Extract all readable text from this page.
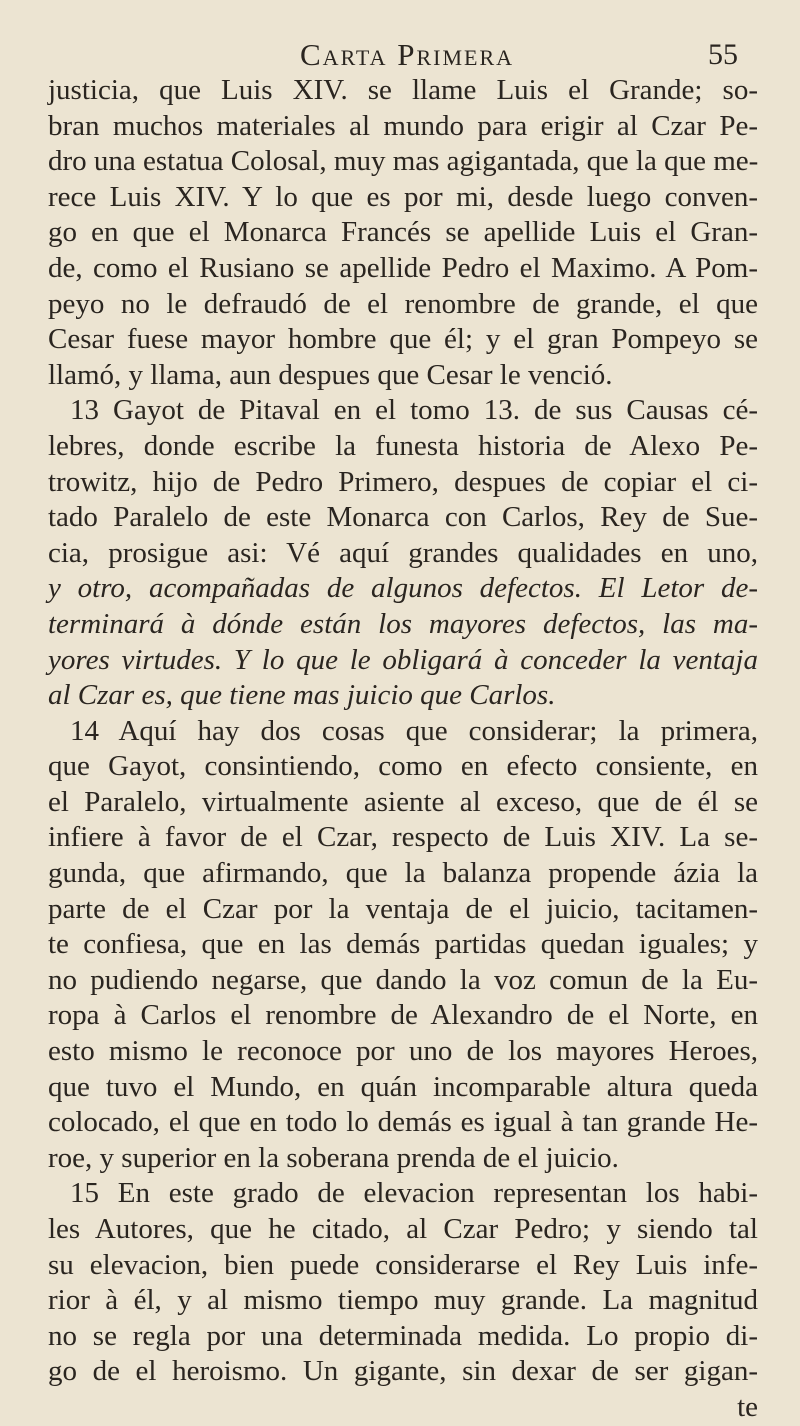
Carta Primera	55
justicia, que Luis XIV. se llame Luis el Grande; so-
bran muchos materiales al mundo para erigir al Czar Pe-
dro una estatua Colosal, muy mas agigantada, que la que me-
rece Luis XIV. Y lo que es por mi, desde luego conven-
go en que el Monarca Francés se apellide Luis el Gran-
de, como el Rusiano se apellide Pedro el Maximo. A Pom-
peyo no le defraudó de el renombre de grande, el que
Cesar fuese mayor hombre que él; y el gran Pompeyo se
llamó, y llama, aun despues que Cesar le venció.
13 Gayot de Pitaval en el tomo 13. de sus Causas cé-
lebres, donde escribe la funesta historia de Alexo Pe-
trowitz, hijo de Pedro Primero, despues de copiar el ci-
tado Paralelo de este Monarca con Carlos, Rey de Sue-
cia, prosigue asi: Vé aquí grandes qualidades en uno,
y otro, acompañadas de algunos defectos. El Letor de-
terminará à dónde están los mayores defectos, las ma-
yores virtudes. Y lo que le obligará à conceder la ventaja
al Czar es, que tiene mas juicio que Carlos.
14 Aquí hay dos cosas que considerar; la primera,
que Gayot, consintiendo, como en efecto consiente, en
el Paralelo, virtualmente asiente al exceso, que de él se
infiere à favor de el Czar, respecto de Luis XIV. La se-
gunda, que afirmando, que la balanza propende ázia la
parte de el Czar por la ventaja de el juicio, tacitamen-
te confiesa, que en las demás partidas quedan iguales; y
no pudiendo negarse, que dando la voz comun de la Eu-
ropa à Carlos el renombre de Alexandro de el Norte, en
esto mismo le reconoce por uno de los mayores Heroes,
que tuvo el Mundo, en quán incomparable altura queda
colocado, el que en todo lo demás es igual à tan grande He-
roe, y superior en la soberana prenda de el juicio.
15 En este grado de elevacion representan los habi-
les Autores, que he citado, al Czar Pedro; y siendo tal
su elevacion, bien puede considerarse el Rey Luis infe-
rior à él, y al mismo tiempo muy grande. La magnitud
no se regla por una determinada medida. Lo propio di-
go de el heroismo. Un gigante, sin dexar de ser gigan-
te
